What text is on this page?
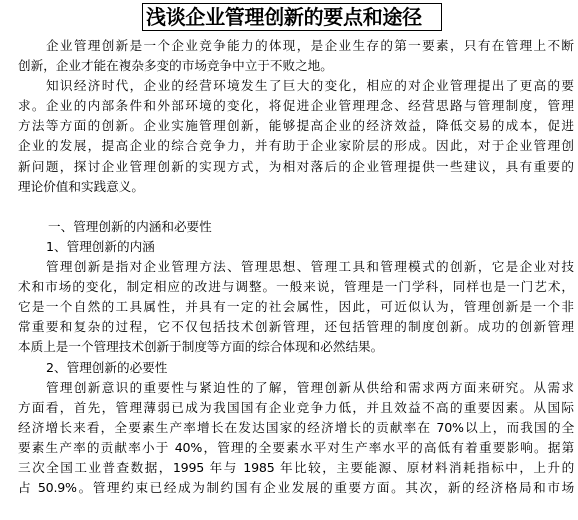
浅谈企业管理创新的要点和途径
企业管理创新是一个企业竞争能力的体现，是企业生存的第一要素，只有在管理上不断
创新，企业才能在複杂多变的市场竞争中立于不败之地。
知识经济时代，企业的经营环境发生了巨大的变化，相应的对企业管理提出了更高的要
求。企业的内部条件和外部环境的变化，将促进企业管理理念、经营思路与管理制度，管理
方法等方面的创新。企业实施管理创新，能够提高企业的经济效益，降低交易的成本，促进
企业的发展，提高企业的综合竞争力，并有助于企业家阶层的形成。因此，对于企业管理创
新问题，探讨企业管理创新的实现方式，为相对落后的企业管理提供一些建议，具有重要的
理论价值和实践意义。
一、管理创新的内涵和必要性
1、管理创新的内涵
管理创新是指对企业管理方法、管理思想、管理工具和管理模式的创新，它是企业对技
术和市场的变化，制定相应的改进与调整。一般来说，管理是一门学科，同样也是一门艺术，
它是一个自然的工具属性，并具有一定的社会属性，因此，可近似认为，管理创新是一个非
常重要和复杂的过程，它不仅包括技术创新管理，还包括管理的制度创新。成功的创新管理
本质上是一个管理技术创新于制度等方面的综合体现和必然结果。
2、管理创新的必要性
管理创新意识的重要性与紧迫性的了解，管理创新从供给和需求两方面来研究。从需求
方面看，首先，管理薄弱已成为我国国有企业竞争力低，并且效益不高的重要因素。从国际
经济增长来看，全要素生产率增长在发达国家的经济增长的贡献率在 70%以上，而我国的全
要素生产率的贡献率小于 40%，管理的全要素水平对生产率水平的高低有着重要影响。据第
三次全国工业普查数据，1995 年与 1985 年比较，主要能源、原材料消耗指标中，上升的
占 50.9%。管理约束已经成为制约国有企业发展的重要方面。其次，新的经济格局和市场
